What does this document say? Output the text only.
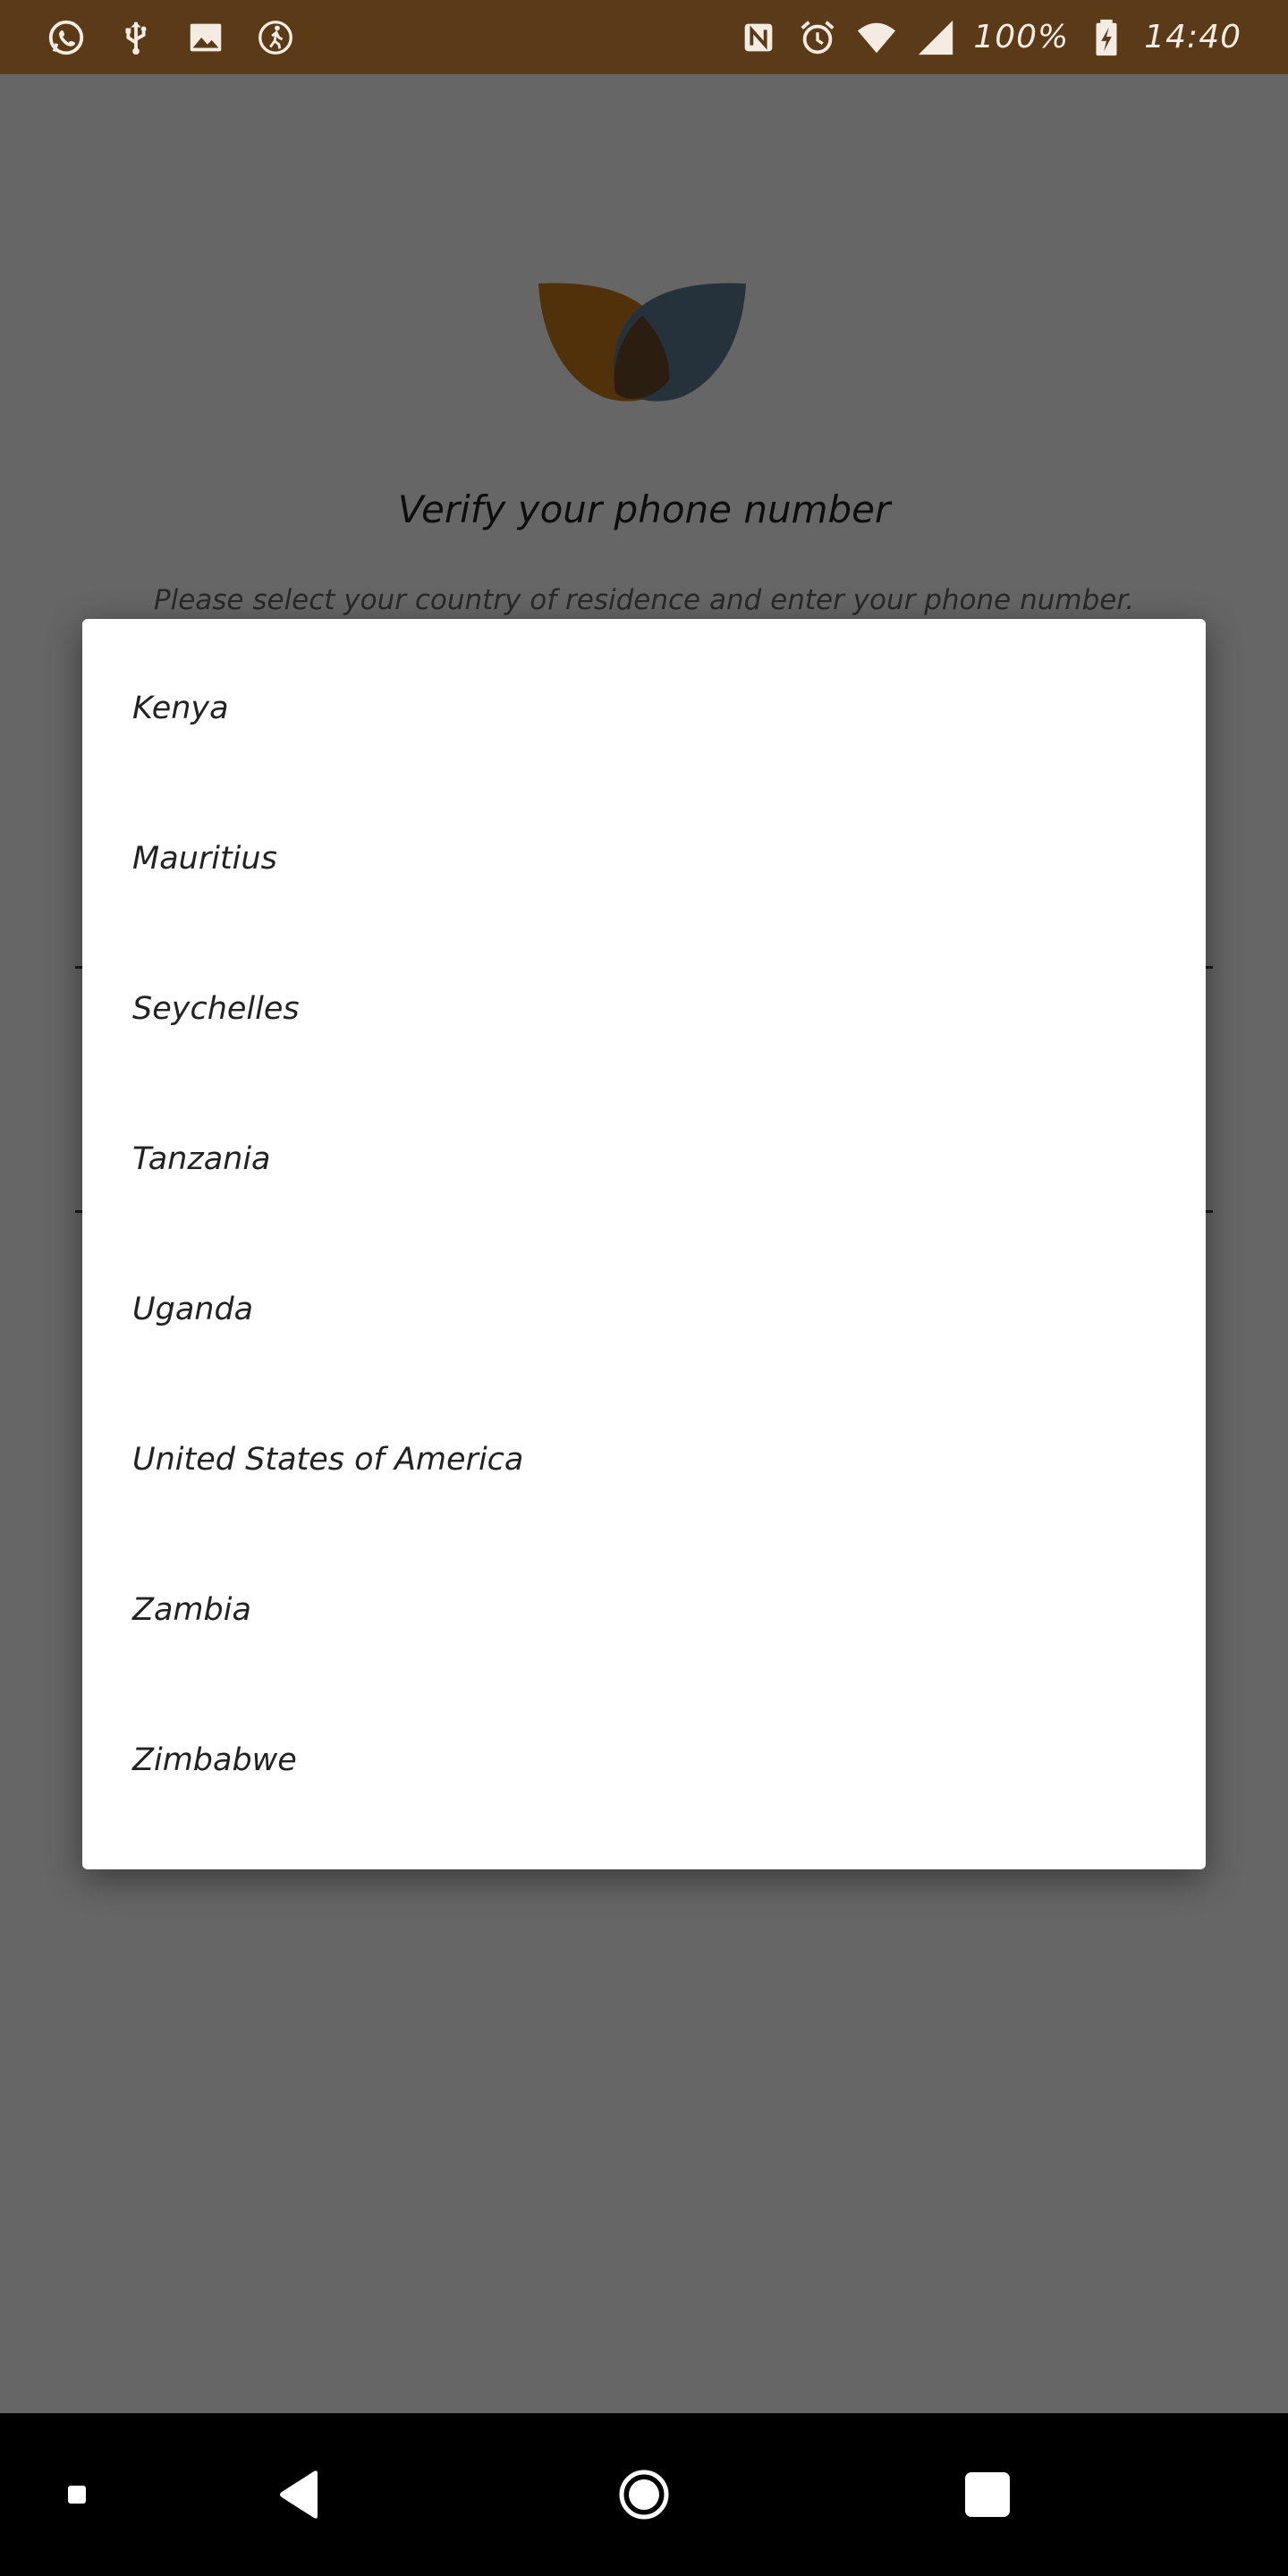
100% 14:40
Kenya
Mauritius
Seychelles
Tanzania
Uganda
United States of America
Zambia
Zimbabwe
